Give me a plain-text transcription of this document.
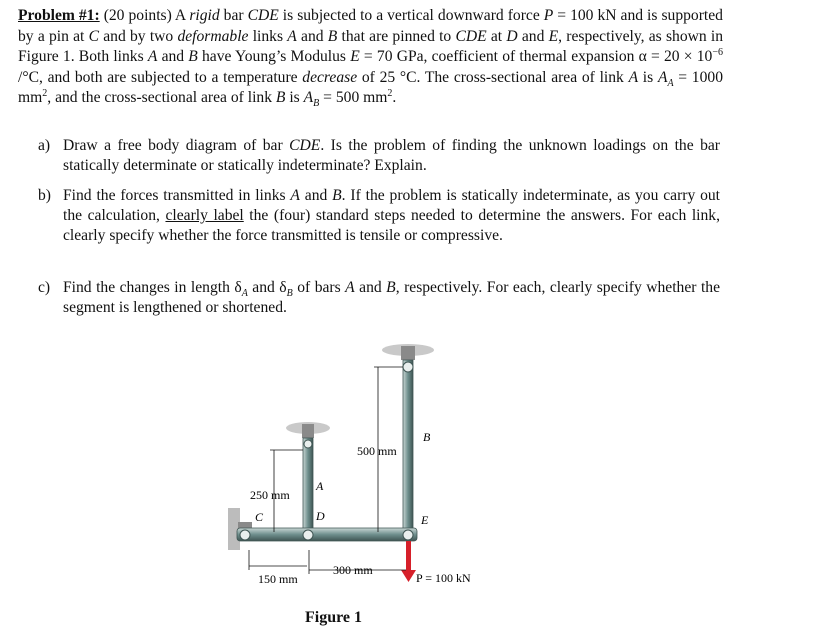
Problem #1: (20 points) A rigid bar CDE is subjected to a vertical downward force P = 100 kN and is supported by a pin at C and by two deformable links A and B that are pinned to CDE at D and E, respectively, as shown in Figure 1. Both links A and B have Young’s Modulus E = 70 GPa, coefficient of thermal expansion $\alpha = 20 \times 10^{-6}$ /°C, and both are subjected to a temperature decrease of 25 °C. The cross-sectional area of link A is $A_A = 1000$ $mm^2$, and the cross-sectional area of link B is $A_B = 500$ $mm^2$.

a) Draw a free body diagram of bar CDE. Is the problem of finding the unknown loadings on the bar statically determinate or statically indeterminate? Explain.
b) Find the forces transmitted in links A and B. If the problem is statically indeterminate, as you carry out the calculation, clearly label the (four) standard steps needed to determine the answers. For each link, clearly specify whether the force transmitted is tensile or compressive.
c) Find the changes in length $\delta_A$ and $\delta_B$ of bars A and B, respectively. For each, clearly specify whether the segment is lengthened or shortened.
B
A
C	D	E
500 mm
250 mm
300 mm
150 mm	P = 100 kN
Figure 1
